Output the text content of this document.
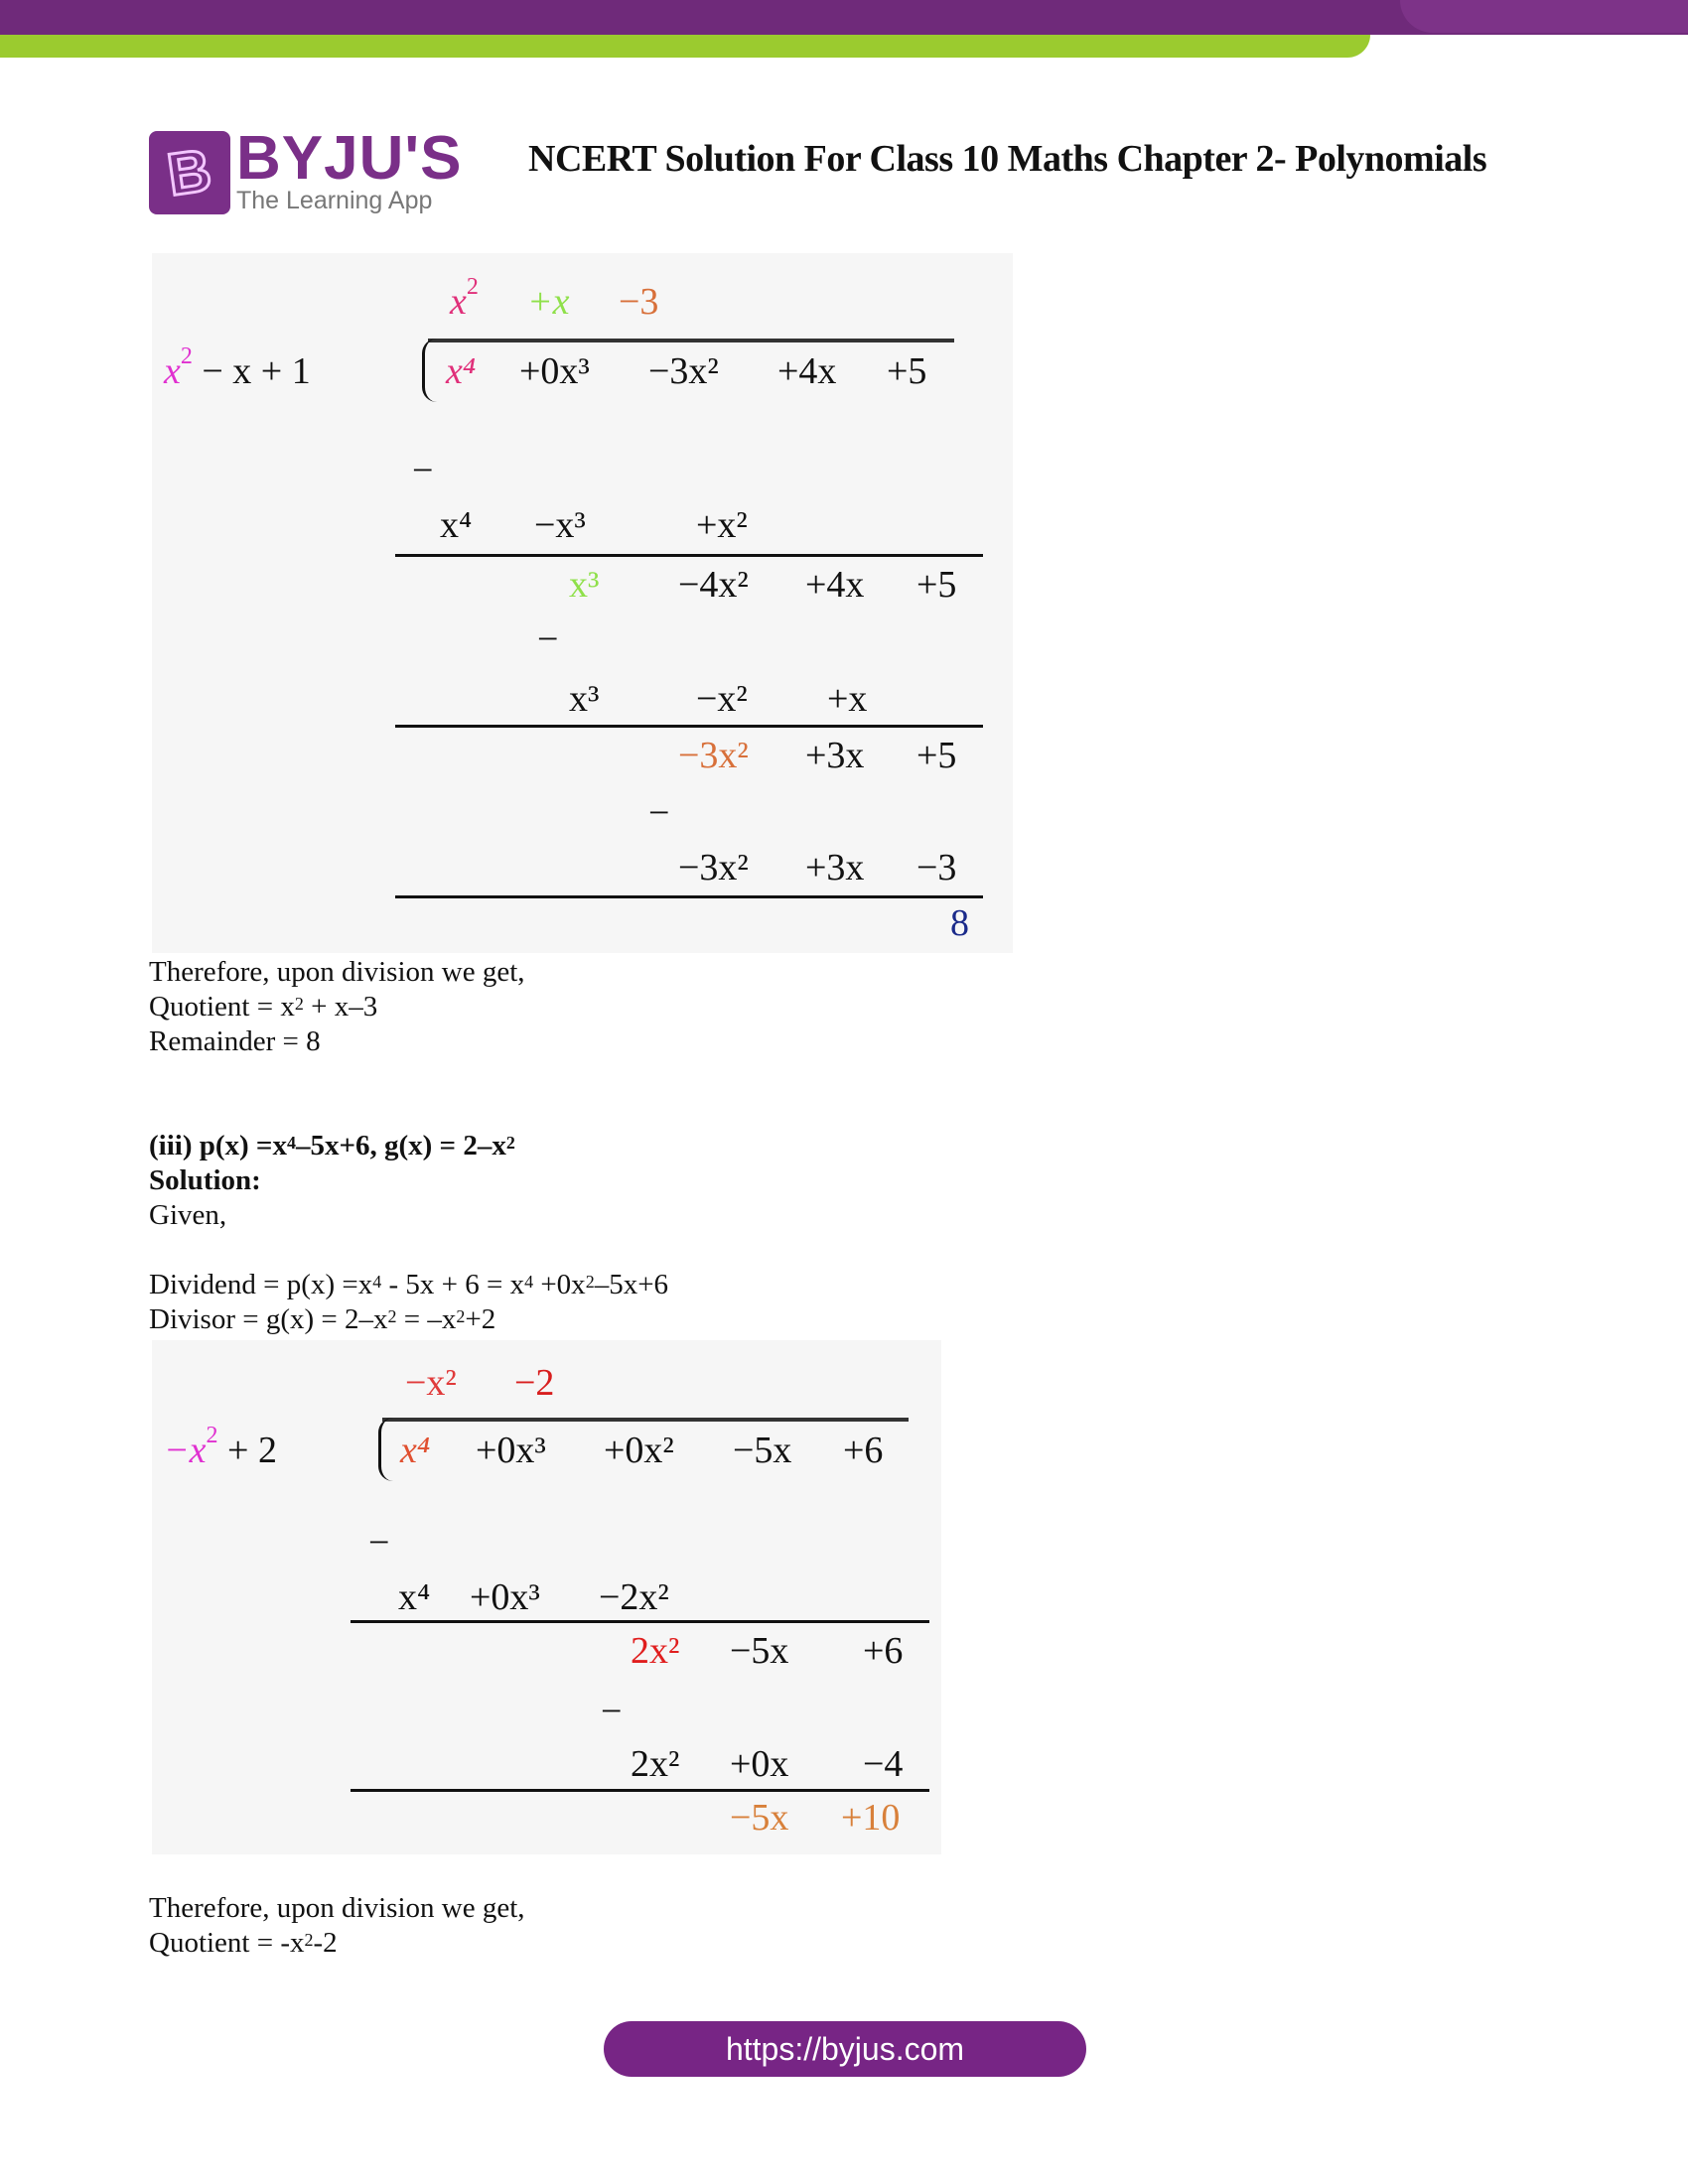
B BYJU'S
The Learning App
NCERT Solution For Class 10 Maths Chapter 2- Polynomials
$x^2 - x + 1$
$x^2 +x -3$
x⁴ +0x³ −3x² +4x +5
−
x⁴ −x³	+x²
x³ −4x² +4x +5
−
x³	−x² +x
−3x² +3x +5
−
−3x² +3x −3
8
Therefore, upon division we get,
Quotient = $x^2 + x-3$
Remainder = 8
(iii) $p(x) =x^4-5x+6$, $g(x) = 2-x^2$
Solution:
Given,
Dividend = $p(x) =x^4 - 5x + 6 = x^4 +0x^2-5x+6$
Divisor = $g(x) = 2-x^2 = -x^2+2$
$-x^2 + 2$
−x² −2
x⁴ +0x³ +0x² −5x +6
−
x⁴ +0x³ −2x²
2x² −5x +6
−
2x² +0x −4
−5x +10
Therefore, upon division we get,
Quotient = $-x^2-2$
https://byjus.com
